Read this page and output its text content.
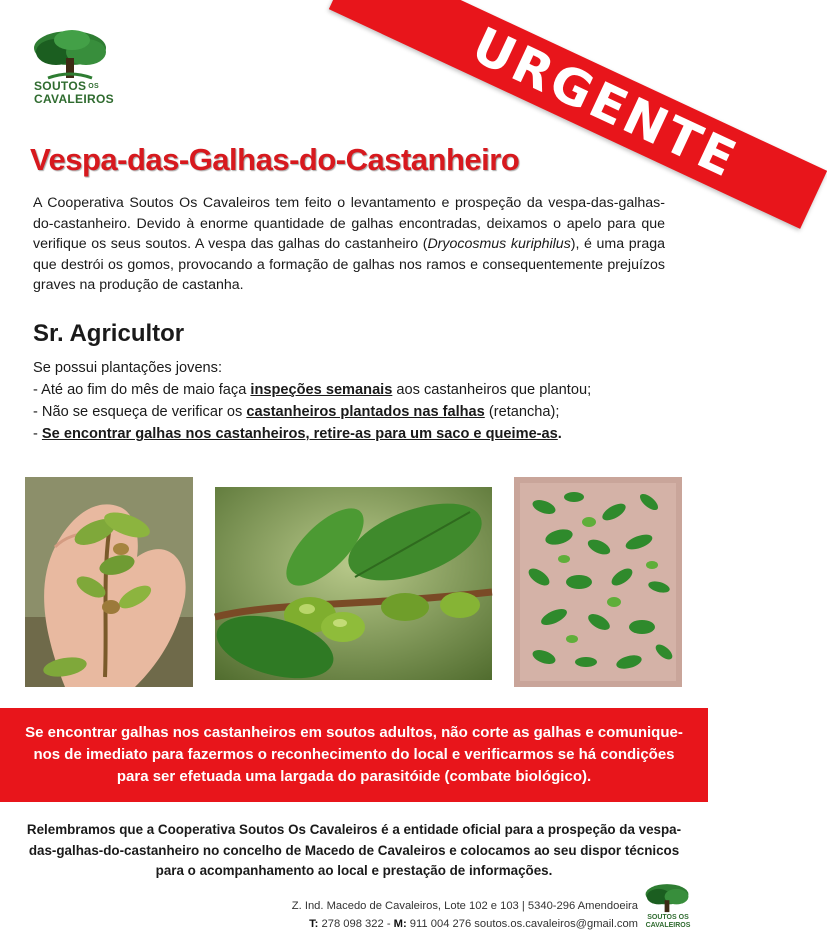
SOUTOS $^{OS}$
CAVALEIROS	URGENTE
Vespa-das-Galhas-do-Castanheiro

A Cooperativa Soutos Os Cavaleiros tem feito o levantamento e prospeção da vespa-das-galhas-do-castanheiro. Devido à enorme quantidade de galhas encontradas, deixamos o apelo para que verifique os seus soutos. A vespa das galhas do castanheiro (Dryocosmus kuriphilus), é uma praga que destrói os gomos, provocando a formação de galhas nos ramos e consequentemente prejuízos graves na produção de castanha.

Sr. Agricultor
Se possui plantações jovens:
- Até ao fim do mês de maio faça inspeções semanais aos castanheiros que plantou;
- Não se esqueça de verificar os castanheiros plantados nas falhas (retancha);
- Se encontrar galhas nos castanheiros, retire-as para um saco e queime-as.

Se encontrar galhas nos castanheiros em soutos adultos, não corte as galhas e comunique-nos de imediato para fazermos o reconhecimento do local e verificarmos se há condições para ser efetuada uma largada do parasitóide (combate biológico).

Relembramos que a Cooperativa Soutos Os Cavaleiros é a entidade oficial para a prospeção da vespa-das-galhas-do-castanheiro no concelho de Macedo de Cavaleiros e colocamos ao seu dispor técnicos para o acompanhamento ao local e prestação de informações.

Z. Ind. Macedo de Cavaleiros, Lote 102 e 103 | 5340-296 Amendoeira
T: 278 098 322 - M: 911 004 276 soutos.os.cavaleiros@gmail.com
SOUTOS OS
CAVALEIROS
